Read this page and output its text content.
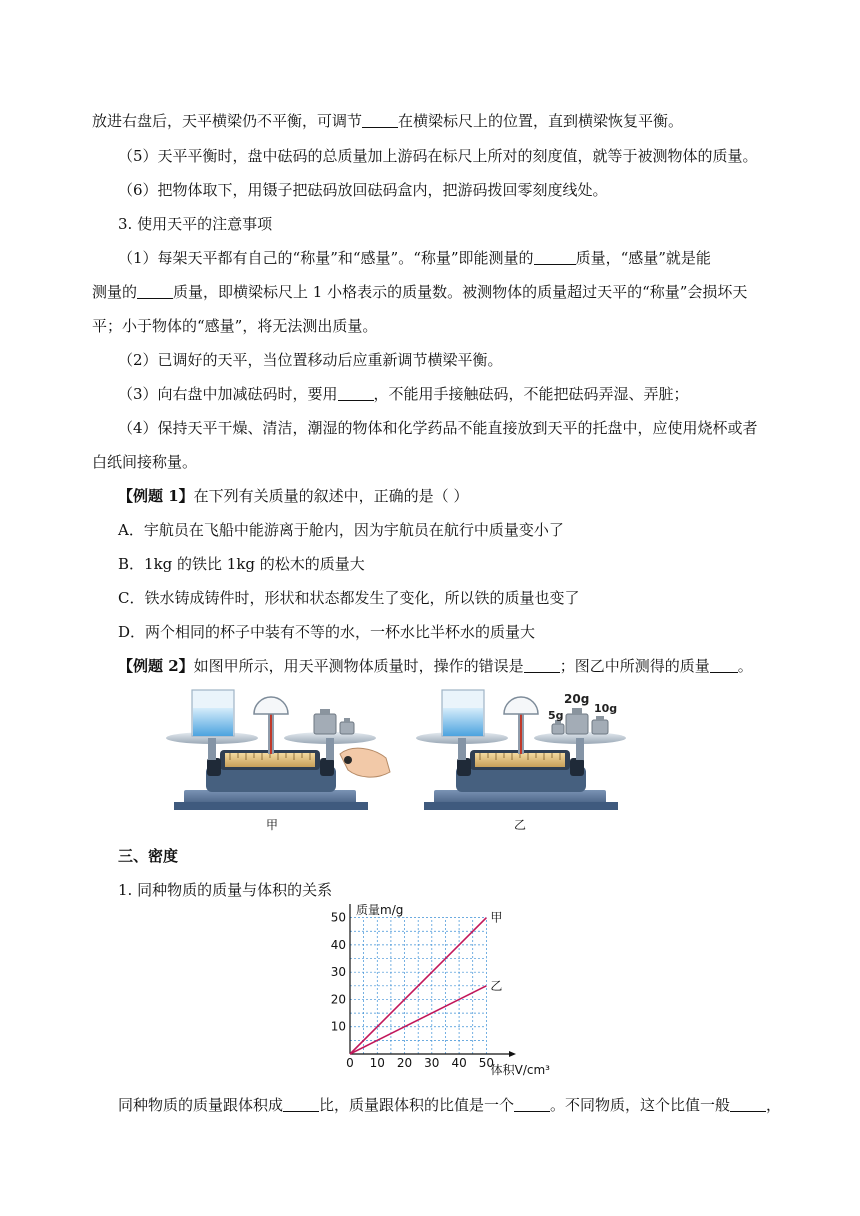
放进右盘后，天平横梁仍不平衡，可调节 在横梁标尺上的位置，直到横梁恢复平衡。
（5）天平平衡时，盘中砝码的总质量加上游码在标尺上所对的刻度值，就等于被测物体的质量。
（6）把物体取下，用镊子把砝码放回砝码盒内，把游码拨回零刻度线处。
3. 使用天平的注意事项
（1）每架天平都有自己的“称量”和“感量”。“称量”即能测量的	质量，“感量”就是能
测量的 质量，即横梁标尺上 1 小格表示的质量数。被测物体的质量超过天平的“称量”会损坏天
平；小于物体的“感量”，将无法测出质量。
（2）已调好的天平，当位置移动后应重新调节横梁平衡。
（3）向右盘中加减砝码时，要用 ，不能用手接触砝码，不能把砝码弄湿、弄脏；
（4）保持天平干燥、清洁，潮湿的物体和化学药品不能直接放到天平的托盘中，应使用烧杯或者
白纸间接称量。
【例题 1】在下列有关质量的叙述中，正确的是（ ）
A．宇航员在飞船中能游离于舱内，因为宇航员在航行中质量变小了
B．1kg 的铁比 1kg 的松木的质量大
C．铁水铸成铸件时，形状和状态都发生了变化，所以铁的质量也变了
D．两个相同的杯子中装有不等的水，一杯水比半杯水的质量大
【例题 2】如图甲所示，用天平测物体质量时，操作的错误是 ；图乙中所测得的质量 。
20g
5g
10g
甲	乙
三、密度
1. 同种物质的质量与体积的关系
0 10 20 30 40 50
10
20
30
40
50
质量m/g
体积V/cm³
甲
乙
同种物质的质量跟体积成 比，质量跟体积的比值是一个 。不同物质，这个比值一般 ，
